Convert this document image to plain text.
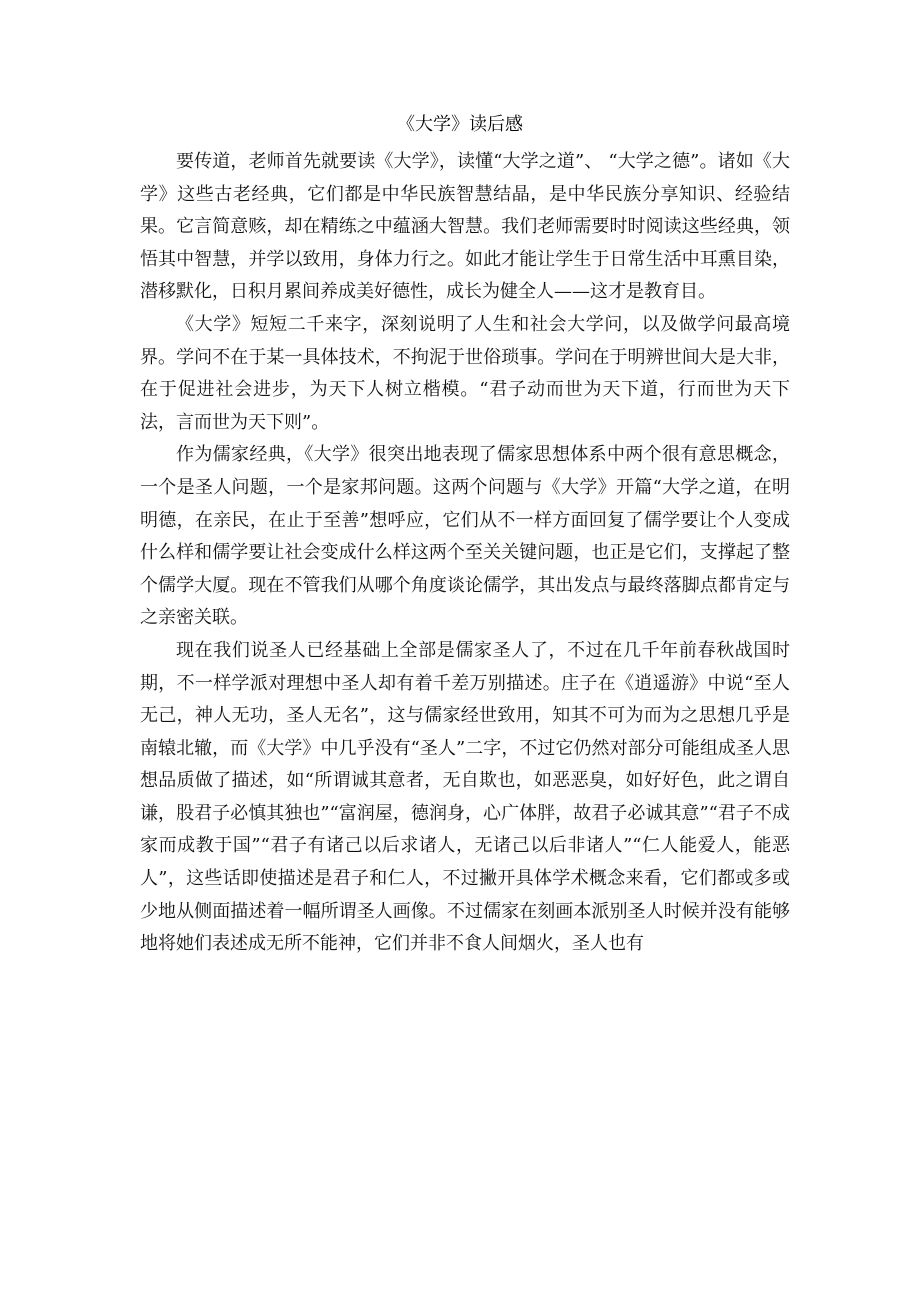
《大学》读后感

要传道，老师首先就要读《大学》，读懂“大学之道”、 “大学之德”。诸如《大学》这些古老经典，它们都是中华民族智慧结晶，是中华民族分享知识、经验结果。它言简意赅，却在精练之中蕴涵大智慧。我们老师需要时时阅读这些经典，领悟其中智慧，并学以致用，身体力行之。如此才能让学生于日常生活中耳熏目染，潜移默化，日积月累间养成美好德性，成长为健全人——这才是教育目。

《大学》短短二千来字，深刻说明了人生和社会大学问，以及做学问最高境界。学问不在于某一具体技术，不拘泥于世俗琐事。学问在于明辨世间大是大非，在于促进社会进步，为天下人树立楷模。“君子动而世为天下道，行而世为天下法，言而世为天下则”。

作为儒家经典，《大学》很突出地表现了儒家思想体系中两个很有意思概念，一个是圣人问题，一个是家邦问题。这两个问题与《大学》开篇“大学之道，在明明德，在亲民，在止于至善”想呼应，它们从不一样方面回复了儒学要让个人变成什么样和儒学要让社会变成什么样这两个至关关键问题，也正是它们，支撑起了整个儒学大厦。现在不管我们从哪个角度谈论儒学，其出发点与最终落脚点都肯定与之亲密关联。

现在我们说圣人已经基础上全部是儒家圣人了，不过在几千年前春秋战国时期，不一样学派对理想中圣人却有着千差万别描述。庄子在《逍遥游》中说“至人无己，神人无功，圣人无名”，这与儒家经世致用，知其不可为而为之思想几乎是南辕北辙，而《大学》中几乎没有“圣人”二字，不过它仍然对部分可能组成圣人思想品质做了描述，如“所谓诚其意者，无自欺也，如恶恶臭，如好好色，此之谓自谦，股君子必慎其独也”“富润屋，德润身，心广体胖，故君子必诚其意”“君子不成家而成教于国”“君子有诸己以后求诸人，无诸己以后非诸人”“仁人能爱人，能恶人”，这些话即使描述是君子和仁人，不过撇开具体学术概念来看，它们都或多或少地从侧面描述着一幅所谓圣人画像。不过儒家在刻画本派别圣人时候并没有能够地将她们表述成无所不能神，它们并非不食人间烟火，圣人也有
